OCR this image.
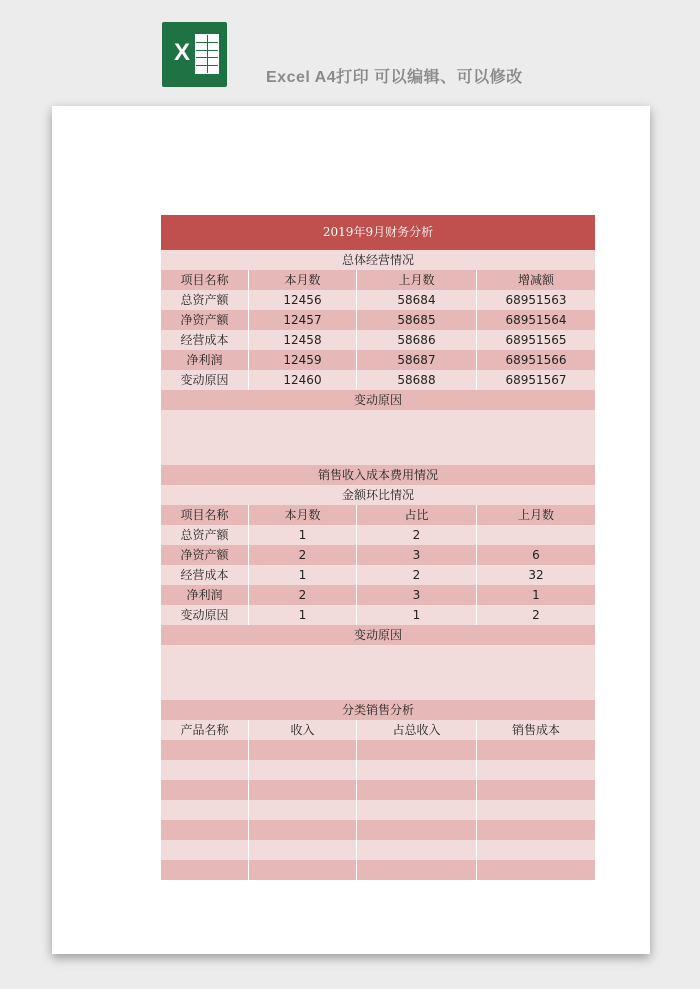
X
Excel A4打印 可以编辑、可以修改
2019年9月财务分析
总体经营情况
项目名称	本月数	上月数	增减额
总资产额	12456	58684	68951563
净资产额	12457	58685	68951564
经营成本	12458	58686	68951565
净利润	12459	58687	68951566
变动原因	12460	58688	68951567
变动原因
销售收入成本费用情况
金额环比情况
项目名称	本月数	占比	上月数
总资产额	1	2
净资产额	2	3	6
经营成本	1	2	32
净利润	2	3	1
变动原因	1	1	2
变动原因
分类销售分析
产品名称	收入	占总收入	销售成本
